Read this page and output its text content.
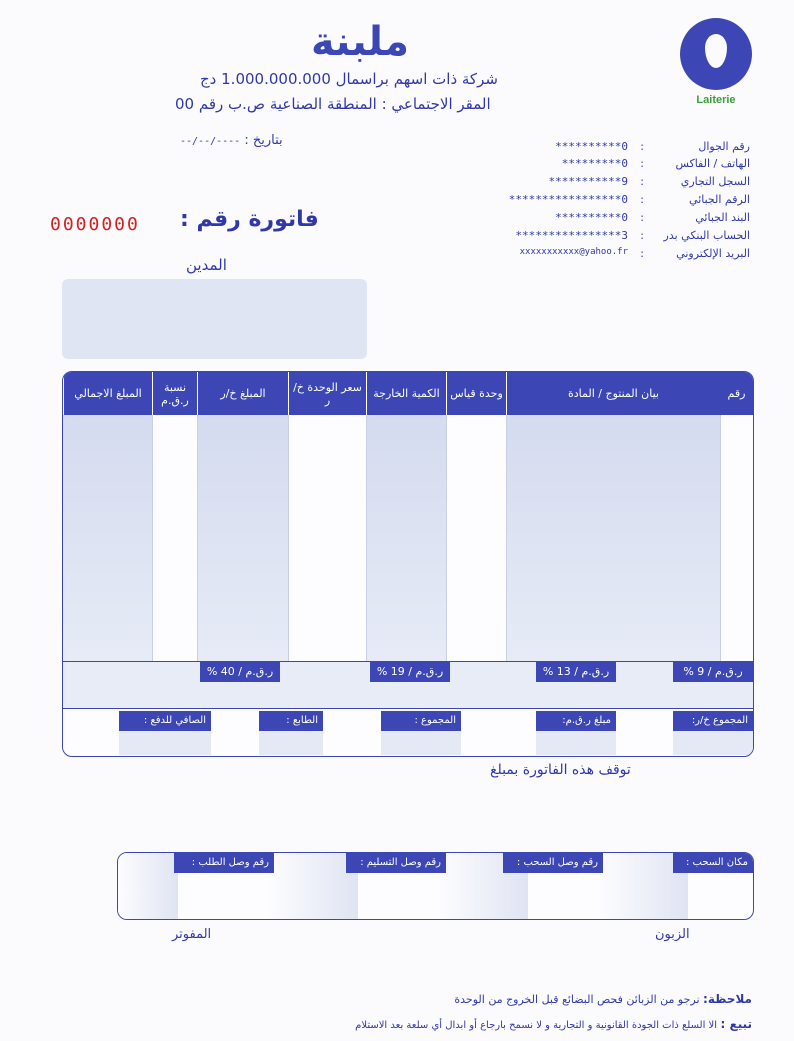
ملبنة
شركة ذات اسهم براسمال 1.000.000.000 دج
المقر الاجتماعي : المنطقة الصناعية ص.ب رقم 00	Laiterie
بتاريخ : ----/--/--	رقم الجوال
:
0**********
الهاتف / الفاكس
:
0*********
السجل التجاري
:
9***********
الرقم الجبائي
:
0*****************
البند الجبائي
:
0**********
الحساب البنكي بدر
:
3****************
البريد الإلكتروني
:
xxxxxxxxxxx@yahoo.fr
فاتورة رقم :
0000000
المدين
رقم
بيان المنتوج / المادة
وحدة قياس
الكمية الخارجة
سعر الوحدة خ/ر
المبلغ خ/ر
نسبة ر.ق.م
المبلغ الاجمالي
ر.ق.م / 9 %
ر.ق.م / 13 %
ر.ق.م / 19 %
ر.ق.م / 40 %
المجموع خ/ر:
مبلغ ر.ق.م:
المجموع :
الطابع :
الصافي للدفع :
توقف هذه الفاتورة بمبلغ
مكان السحب :
رقم وصل السحب :
رقم وصل التسليم :
رقم وصل الطلب :
الزبون
المفوتر
ملاحظة: نرجو من الزبائن فحص البضائع قبل الخروج من الوحدة
تبيع : الا السلع ذات الجودة القانونية و التجارية و لا نسمح بارجاع أو ابدال أي سلعة بعد الاستلام
